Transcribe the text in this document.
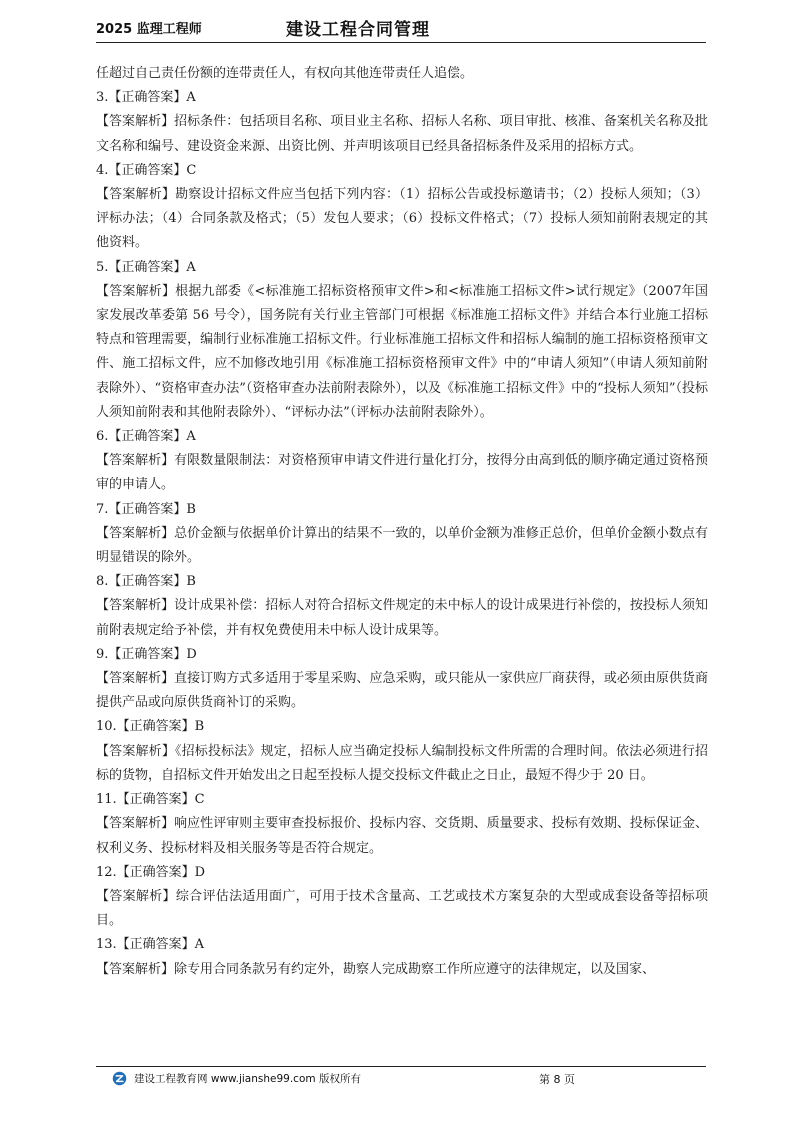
2025 监理工程师	建设工程合同管理

任超过自己责任份额的连带责任人，有权向其他连带责任人追偿。

3.【正确答案】A

【答案解析】招标条件：包括项目名称、项目业主名称、招标人名称、项目审批、核准、备案机关名称及批文名称和编号、建设资金来源、出资比例、并声明该项目已经具备招标条件及采用的招标方式。

4.【正确答案】C

【答案解析】勘察设计招标文件应当包括下列内容：（1）招标公告或投标邀请书；（2）投标人须知；（3）评标办法；（4）合同条款及格式；（5）发包人要求；（6）投标文件格式；（7）投标人须知前附表规定的其他资料。

5.【正确答案】A

【答案解析】根据九部委《<标准施工招标资格预审文件>和<标准施工招标文件>试行规定》（2007年国家发展改革委第 56 号令），国务院有关行业主管部门可根据《标准施工招标文件》并结合本行业施工招标特点和管理需要，编制行业标准施工招标文件。行业标准施工招标文件和招标人编制的施工招标资格预审文件、施工招标文件，应不加修改地引用《标准施工招标资格预审文件》中的“申请人须知”（申请人须知前附表除外）、“资格审查办法”（资格审查办法前附表除外），以及《标准施工招标文件》中的“投标人须知”（投标人须知前附表和其他附表除外）、“评标办法”（评标办法前附表除外）。

6.【正确答案】A

【答案解析】有限数量限制法：对资格预审申请文件进行量化打分，按得分由高到低的顺序确定通过资格预审的申请人。

7.【正确答案】B

【答案解析】总价金额与依据单价计算出的结果不一致的，以单价金额为准修正总价，但单价金额小数点有明显错误的除外。

8.【正确答案】B

【答案解析】设计成果补偿：招标人对符合招标文件规定的未中标人的设计成果进行补偿的，按投标人须知前附表规定给予补偿，并有权免费使用未中标人设计成果等。

9.【正确答案】D

【答案解析】直接订购方式多适用于零星采购、应急采购，或只能从一家供应厂商获得，或必须由原供货商提供产品或向原供货商补订的采购。

10.【正确答案】B

【答案解析】《招标投标法》规定，招标人应当确定投标人编制投标文件所需的合理时间。依法必须进行招标的货物，自招标文件开始发出之日起至投标人提交投标文件截止之日止，最短不得少于 20 日。

11.【正确答案】C

【答案解析】响应性评审则主要审查投标报价、投标内容、交货期、质量要求、投标有效期、投标保证金、权利义务、投标材料及相关服务等是否符合规定。

12.【正确答案】D

【答案解析】综合评估法适用面广，可用于技术含量高、工艺或技术方案复杂的大型或成套设备等招标项目。

13.【正确答案】A

【答案解析】除专用合同条款另有约定外，勘察人完成勘察工作所应遵守的法律规定，以及国家、

建设工程教育网 www.jianshe99.com 版权所有	第 8 页
